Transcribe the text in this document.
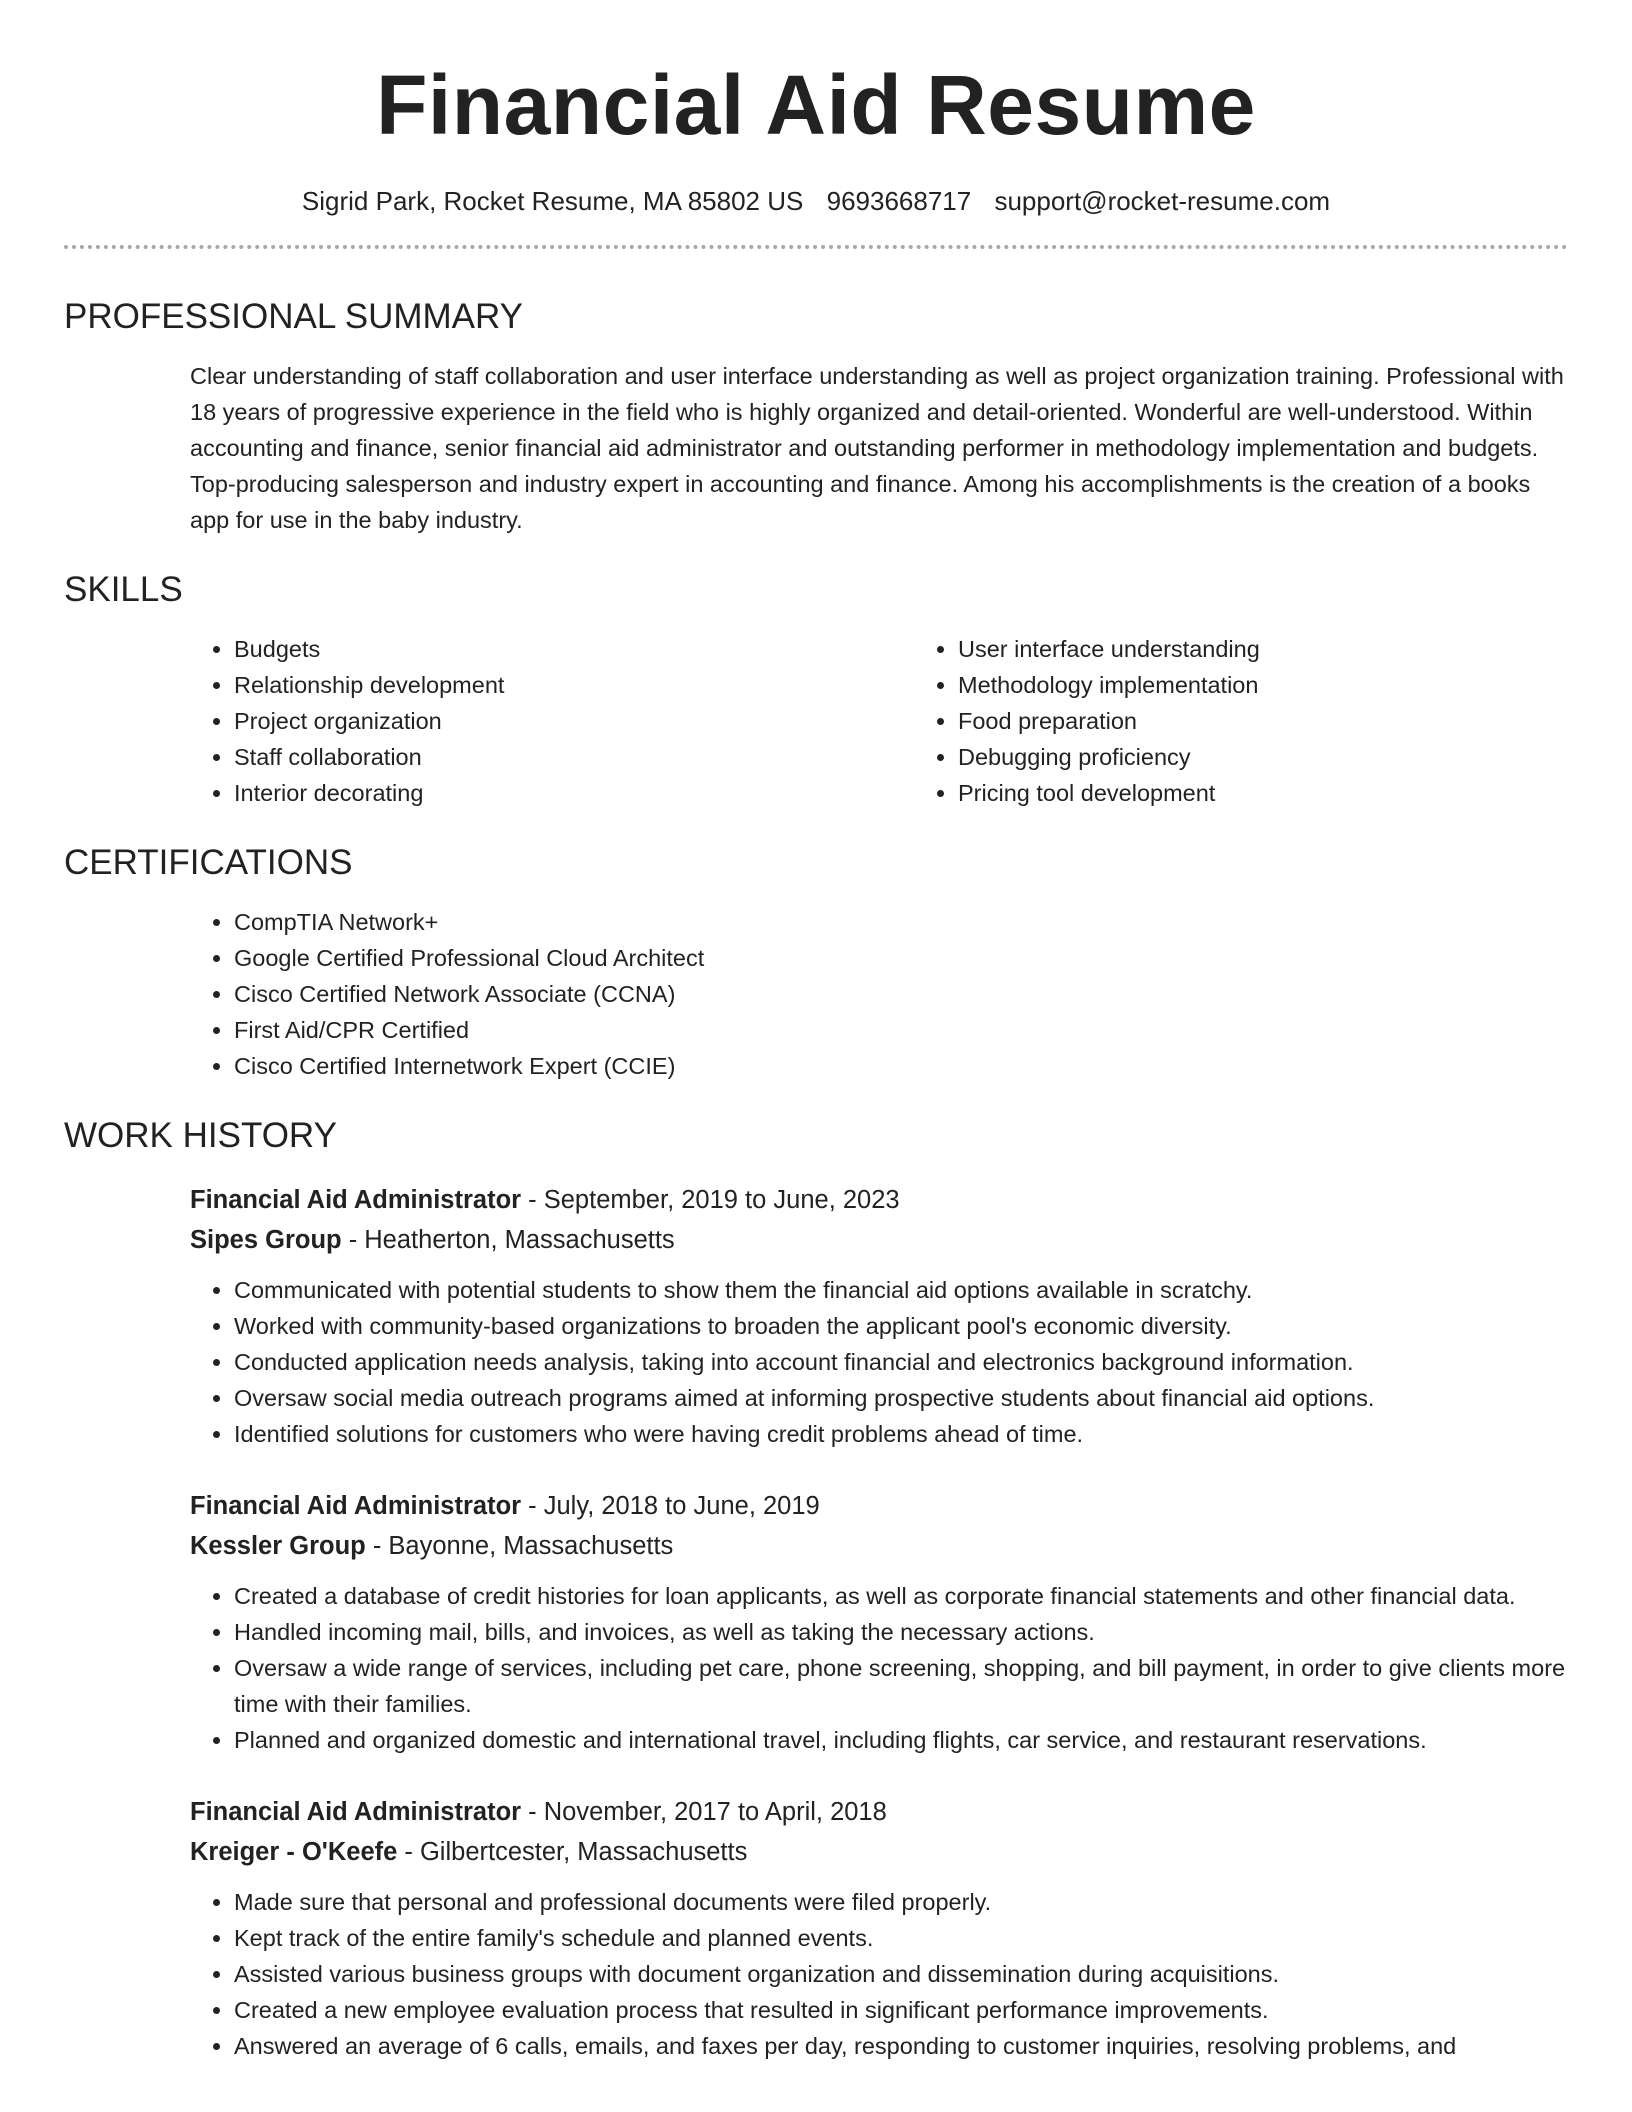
Financial Aid Resume
Sigrid Park, Rocket Resume, MA 85802 US 9693668717 support@rocket-resume.com
PROFESSIONAL SUMMARY

Clear understanding of staff collaboration and user interface understanding as well as project organization training. Professional with 18 years of progressive experience in the field who is highly organized and detail-oriented. Wonderful are well-understood. Within accounting and finance, senior financial aid administrator and outstanding performer in methodology implementation and budgets. Top-producing salesperson and industry expert in accounting and finance. Among his accomplishments is the creation of a books app for use in the baby industry.

SKILLS
• Budgets
• Relationship development
• Project organization
• Staff collaboration
• Interior decorating
• User interface understanding
• Methodology implementation
• Food preparation
• Debugging proficiency
• Pricing tool development
CERTIFICATIONS
• CompTIA Network+
• Google Certified Professional Cloud Architect
• Cisco Certified Network Associate (CCNA)
• First Aid/CPR Certified
• Cisco Certified Internetwork Expert (CCIE)
WORK HISTORY
Financial Aid Administrator - September, 2019 to June, 2023
Sipes Group - Heatherton, Massachusetts
• Communicated with potential students to show them the financial aid options available in scratchy.
• Worked with community-based organizations to broaden the applicant pool's economic diversity.
• Conducted application needs analysis, taking into account financial and electronics background information.
• Oversaw social media outreach programs aimed at informing prospective students about financial aid options.
• Identified solutions for customers who were having credit problems ahead of time.
Financial Aid Administrator - July, 2018 to June, 2019
Kessler Group - Bayonne, Massachusetts
• Created a database of credit histories for loan applicants, as well as corporate financial statements and other financial data.
• Handled incoming mail, bills, and invoices, as well as taking the necessary actions.
• Oversaw a wide range of services, including pet care, phone screening, shopping, and bill payment, in order to give clients more time with their families.
• Planned and organized domestic and international travel, including flights, car service, and restaurant reservations.
Financial Aid Administrator - November, 2017 to April, 2018
Kreiger - O'Keefe - Gilbertcester, Massachusetts
• Made sure that personal and professional documents were filed properly.
• Kept track of the entire family's schedule and planned events.
• Assisted various business groups with document organization and dissemination during acquisitions.
• Created a new employee evaluation process that resulted in significant performance improvements.
• Answered an average of 6 calls, emails, and faxes per day, responding to customer inquiries, resolving problems, and
